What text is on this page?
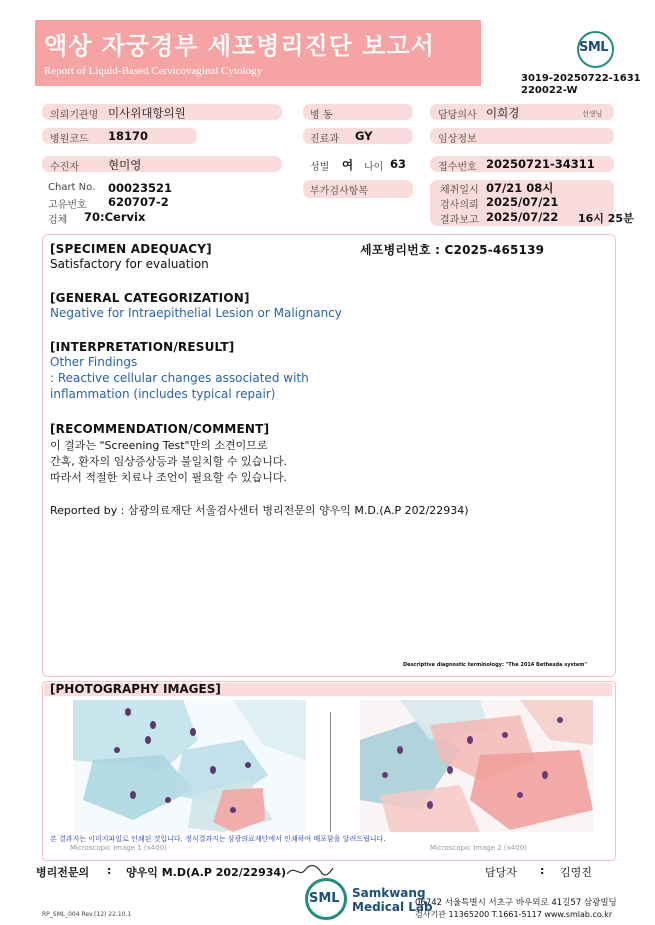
액상 자궁경부 세포병리진단 보고서
Report of Liquid-Based Cervicovaginal Cytology
SML
3019-20250722-1631
220022-W
의뢰기관명 미사위대항의원	병 동	담당의사 이희경	선생님
병원코드 18170	진료과 GY	임상정보
수진자	현미영	성별 여 나이 63	접수번호 20250721-34311
Chart No. 00023521
고유번호 620707-2
검체 70:Cervix
부가검사항목	채취일시 07/21 08시
검사의뢰 2025/07/21
결과보고 2025/07/22 16시 25분
[SPECIMEN ADEQUACY]	세포병리번호 : C2025-465139
Satisfactory for evaluation
[GENERAL CATEGORIZATION]
Negative for Intraepithelial Lesion or Malignancy
[INTERPRETATION/RESULT]
Other Findings
: Reactive cellular changes associated with
inflammation (includes typical repair)
[RECOMMENDATION/COMMENT]
이 결과는 "Screening Test"만의 소견이므로
간혹, 환자의 임상증상등과 불일치할 수 있습니다.
따라서 적절한 치료나 조언이 필요할 수 있습니다.
Reported by : 삼광의료재단 서울검사센터 병리전문의 양우익 M.D.(A.P 202/22934)
Descriptive diagnostic terminology: "The 2014 Bethesda system"
[PHOTOGRAPHY IMAGES]
Microscopic Image 1 (x400)	Microscopic Image 2 (x400)
본 결과지는 이미지파일로 인쇄된 것입니다. 정식결과지는 삼광의료재단에서 인쇄하여 배포함을 알려드립니다.
병리전문의 : 양우익 M.D(A.P 202/22934)	담당자 : 김영진
SML Samkwang
Medical Lab
06742 서울특별시 서초구 바우뫼로 41길57 삼광빌딩
검사기관 11365200 T.1661-5117 www.smlab.co.kr
RP_SML_004 Rev.(12) 22.10.1
